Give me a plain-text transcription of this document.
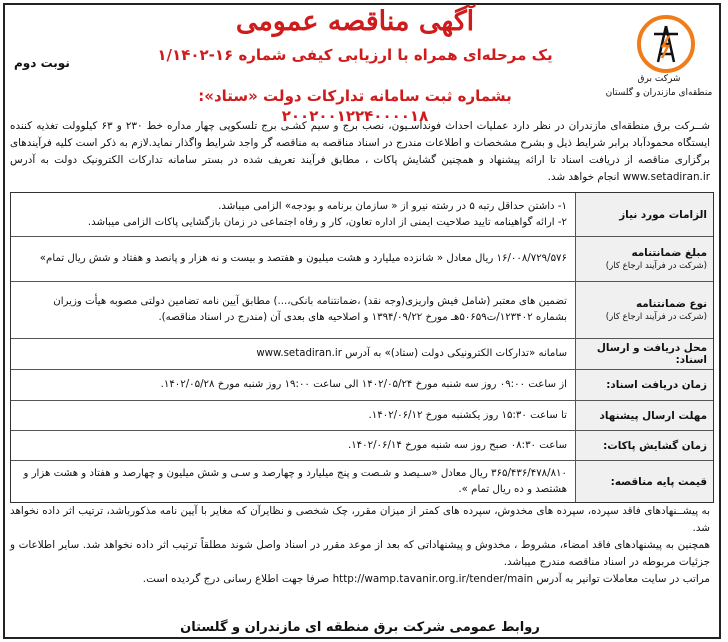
آگهی مناقصه عمومی
یک مرحله‌ای همراه با ارزیابی کیفی شماره ۱۶-۱/۱۴۰۲
بشماره ثبت سامانه تدارکات دولت «ستاد»: ۲۰۰۲۰۰۱۲۲۴۰۰۰۰۱۸
نوبت دوم
شرکت برق
منطقه‌ای مازندران و گلستان
شــرکت برق منطقه‌ای مازندران در نظر دارد عملیات احداث فونداسـیون، نصب برج و سیم کشـی برج تلسکوپی چهار مداره خط ۲۳۰ و ۶۳ کیلوولت تغذیه کننده ایستگاه محمودآباد برابر شرایط ذیل و بشرح مشخصات و اطلاعات مندرج در اسناد مناقصه به مناقصه گر واجد شرایط واگذار نماید.لازم به ذکر است کلیه فرآیندهای برگزاری مناقصه از دریافت اسناد تا ارائه پیشنهاد و همچنین گشایش پاکات ، مطابق فرآیند تعریف شده در بستر سامانه تدارکات الکترونیک دولت به آدرس www.setadiran.ir انجام خواهد شد.
الزامات مورد نیاز
۱- داشتن حداقل رتبه ۵ در رشته نیرو از « سازمان برنامه و بودجه» الزامی میباشد.
۲- ارائه گواهینامه تایید صلاحیت ایمنی از اداره تعاون، کار و رفاه اجتماعی در زمان بازگشایی پاکات الزامی میباشد.
مبلغ ضمانتنامه
(شرکت در فرآیند ارجاع کار)
۱۶/۰۰۸/۷۲۹/۵۷۶ ریال معادل « شانزده میلیارد و هشت میلیون و هفتصد و بیست و نه هزار و پانصد و هفتاد و شش ریال تمام»
نوع ضمانتنامه
(شرکت در فرآیند ارجاع کار)
تضمین های معتبر (شامل فیش واریزی(وجه نقد) ،ضمانتنامه بانکی،...) مطابق آیین نامه تضامین دولتی مصوبه هیأت وزیران بشماره ۱۲۳۴۰۲/ت۵۰۶۵۹هـ مورخ ۱۳۹۴/۰۹/۲۲ و اصلاحیه های بعدی آن (مندرج در اسناد مناقصه).
محل دریافت و ارسال اسناد:
سامانه «تدارکات الکترونیکی دولت (ستاد)» به آدرس www.setadiran.ir
زمان دریافت اسناد:
از ساعت ۰۹:۰۰ روز سه شنبه مورخ ۱۴۰۲/۰۵/۲۴ الی ساعت ۱۹:۰۰ روز شنبه مورخ ۱۴۰۲/۰۵/۲۸.
مهلت ارسال پیشنهاد
تا ساعت ۱۵:۳۰ روز یکشنبه مورخ ۱۴۰۲/۰۶/۱۲.
زمان گشایش پاکات:
ساعت ۰۸:۳۰ صبح روز سه شنبه مورخ ۱۴۰۲/۰۶/۱۴.
قیمت پایه مناقصه:
۳۶۵/۴۳۶/۴۷۸/۸۱۰ ریال معادل «سـیصد و شـصت و پنج میلیارد و چهارصد و سـی و شش میلیون و چهارصد و هفتاد و هشت هزار و هشتصد و ده ریال تمام ».
به پیشــنهادهای فاقد سپرده، سپرده های مخدوش، سپرده های کمتر از میزان مقرر، چک شخصی و نظایرآن که مغایر با آیین نامه مذکورباشد، ترتیب اثر داده نخواهد شد.
همچنین به پیشنهادهای فاقد امضاء، مشروط ، مخدوش و پیشنهاداتی که بعد از موعد مقرر در اسناد واصل شوند مطلقاً ترتیب اثر داده نخواهد شد. سایر اطلاعات و جزئیات مربوطه در اسناد مناقصه مندرج میباشد.
مراتب در سایت معاملات توانیر به آدرس http://wamp.tavanir.org.ir/tender/main صرفا جهت اطلاع رسانی درج گردیده است.
روابط عمومی شرکت برق منطقه ای مازندران و گلستان
